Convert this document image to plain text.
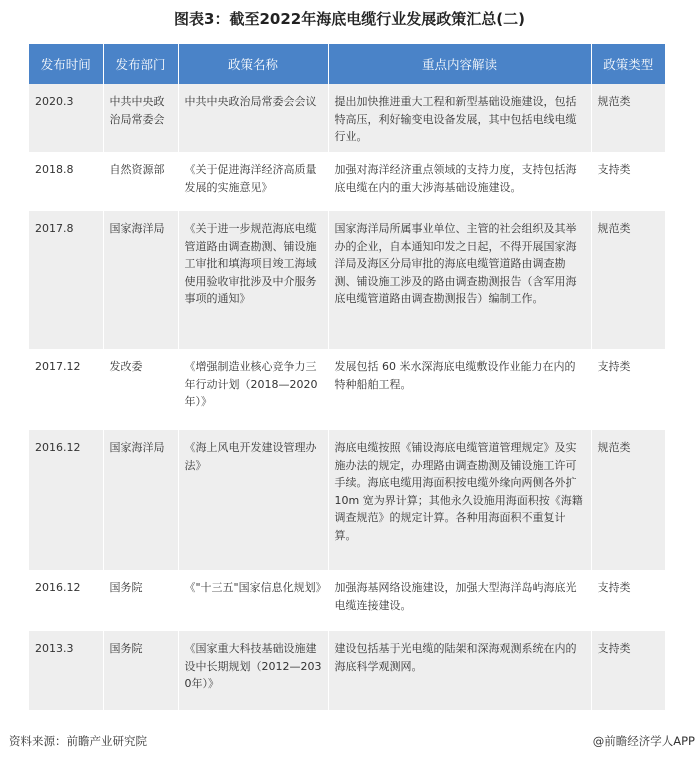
图表3：截至2022年海底电缆行业发展政策汇总(二)
发布时间	发布部门	政策名称	重点内容解读	政策类型
2020.3	中共中央政治局常委会	中共中央政治局常委会会议	提出加快推进重大工程和新型基础设施建设，包括特高压，利好输变电设备发展，其中包括电线电缆行业。	规范类
2018.8	自然资源部	《关于促进海洋经济高质量发展的实施意见》	加强对海洋经济重点领域的支持力度，支持包括海底电缆在内的重大涉海基础设施建设。	支持类
2017.8	国家海洋局	《关于进一步规范海底电缆管道路由调查勘测、铺设施工审批和填海项目竣工海域使用验收审批涉及中介服务事项的通知》	国家海洋局所属事业单位、主管的社会组织及其举办的企业，自本通知印发之日起，不得开展国家海洋局及海区分局审批的海底电缆管道路由调查勘测、铺设施工涉及的路由调查勘测报告（含军用海底电缆管道路由调查勘测报告）编制工作。	规范类
2017.12	发改委	《增强制造业核心竞争力三年行动计划（2018—2020年）》	发展包括 60 米水深海底电缆敷设作业能力在内的特种船舶工程。	支持类
2016.12	国家海洋局	《海上风电开发建设管理办法》	海底电缆按照《铺设海底电缆管道管理规定》及实施办法的规定，办理路由调查勘测及铺设施工许可手续。海底电缆用海面积按电缆外缘向两侧各外扩 10m 宽为界计算；其他永久设施用海面积按《海籍调查规范》的规定计算。各种用海面积不重复计算。	规范类
2016.12	国务院	《"十三五"国家信息化规划》	加强海基网络设施建设，加强大型海洋岛屿海底光电缆连接建设。	支持类
2013.3	国务院	《国家重大科技基础设施建设中长期规划（2012—2030年）》	建设包括基于光电缆的陆架和深海观测系统在内的海底科学观测网。	支持类
资料来源：前瞻产业研究院	@前瞻经济学人APP
